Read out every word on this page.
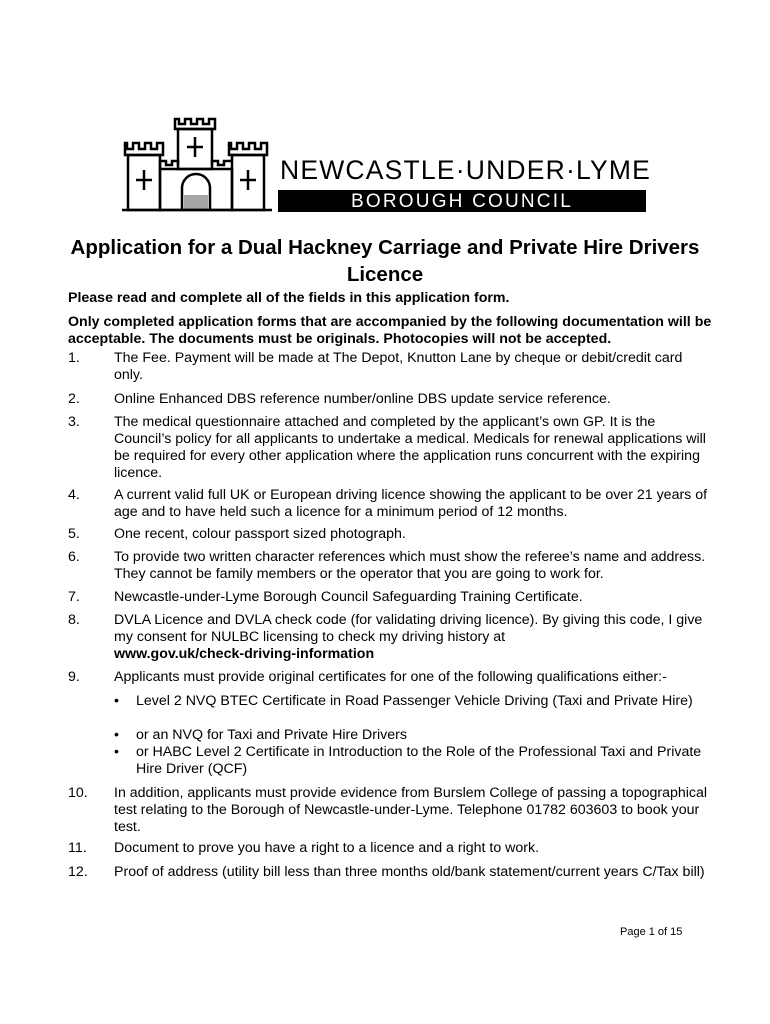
NEWCASTLE·UNDER·LYME
BOROUGH COUNCIL
Application for a Dual Hackney Carriage and Private Hire Drivers Licence
Please read and complete all of the fields in this application form.
Only completed application forms that are accompanied by the following documentation will be acceptable. The documents must be originals. Photocopies will not be accepted.
1.	The Fee. Payment will be made at The Depot, Knutton Lane by cheque or debit/credit card only.
2.	Online Enhanced DBS reference number/online DBS update service reference.
3.	The medical questionnaire attached and completed by the applicant’s own GP. It is the Council’s policy for all applicants to undertake a medical. Medicals for renewal applications will be required for every other application where the application runs concurrent with the expiring licence.
4.	A current valid full UK or European driving licence showing the applicant to be over 21 years of age and to have held such a licence for a minimum period of 12 months.
5.	One recent, colour passport sized photograph.
6.	To provide two written character references which must show the referee’s name and address. They cannot be family members or the operator that you are going to work for.
7.	Newcastle-under-Lyme Borough Council Safeguarding Training Certificate.
8.	DVLA Licence and DVLA check code (for validating driving licence). By giving this code, I give my consent for NULBC licensing to check my driving history at
www.gov.uk/check-driving-information
9.	Applicants must provide original certificates for one of the following qualifications either:-
• Level 2 NVQ BTEC Certificate in Road Passenger Vehicle Driving (Taxi and Private Hire)
• or an NVQ for Taxi and Private Hire Drivers
• or HABC Level 2 Certificate in Introduction to the Role of the Professional Taxi and Private Hire Driver (QCF)
10.	In addition, applicants must provide evidence from Burslem College of passing a topographical test relating to the Borough of Newcastle-under-Lyme. Telephone 01782 603603 to book your test.
11.	Document to prove you have a right to a licence and a right to work.
12.	Proof of address (utility bill less than three months old/bank statement/current years C/Tax bill)
Page 1 of 15
